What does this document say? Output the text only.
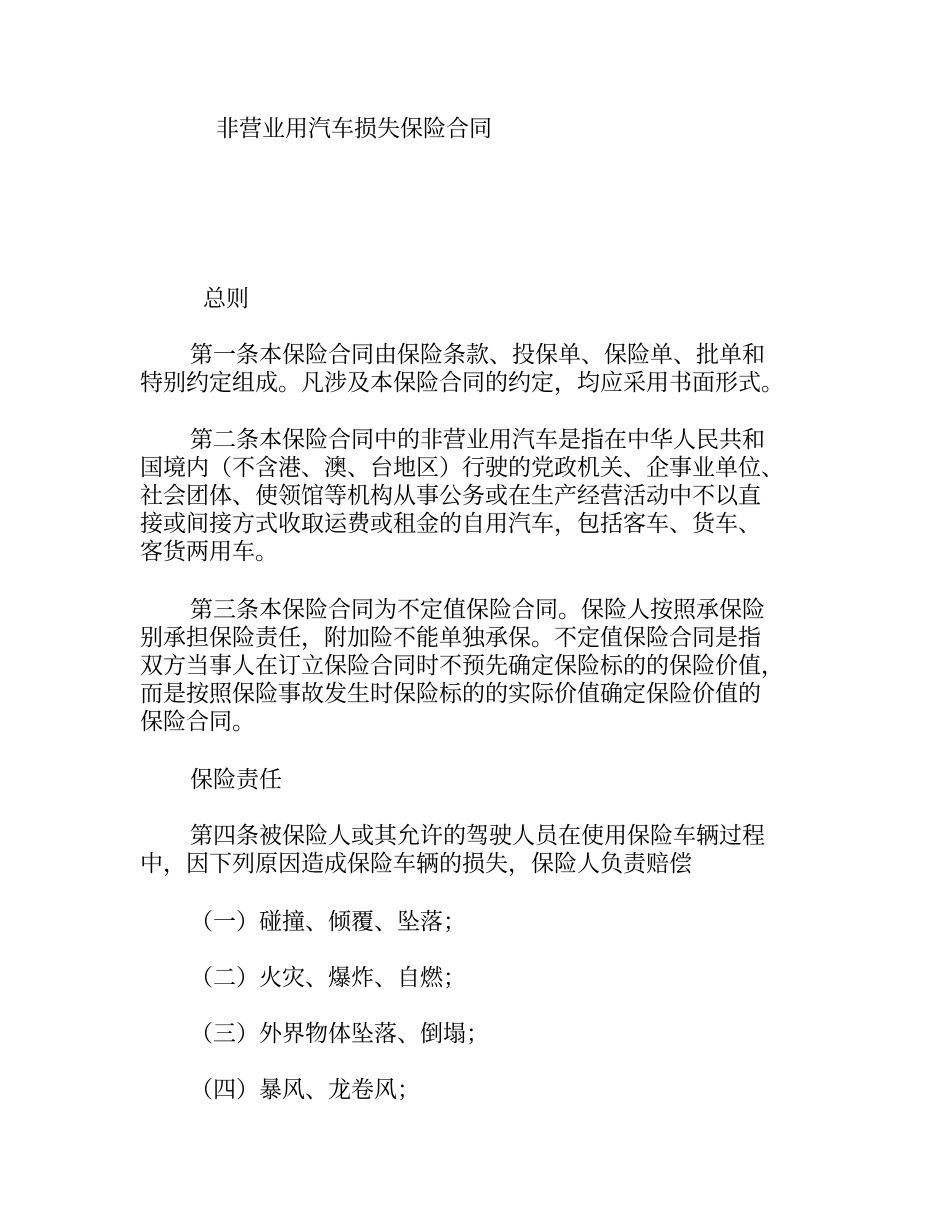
非营业用汽车损失保险合同
总则
第一条本保险合同由保险条款、投保单、保险单、批单和
特别约定组成。凡涉及本保险合同的约定，均应采用书面形式。
第二条本保险合同中的非营业用汽车是指在中华人民共和
国境内（不含港、澳、台地区）行驶的党政机关、企事业单位、
社会团体、使领馆等机构从事公务或在生产经营活动中不以直
接或间接方式收取运费或租金的自用汽车，包括客车、货车、
客货两用车。
第三条本保险合同为不定值保险合同。保险人按照承保险
别承担保险责任，附加险不能单独承保。不定值保险合同是指
双方当事人在订立保险合同时不预先确定保险标的的保险价值，
而是按照保险事故发生时保险标的的实际价值确定保险价值的
保险合同。
保险责任
第四条被保险人或其允许的驾驶人员在使用保险车辆过程
中，因下列原因造成保险车辆的损失，保险人负责赔偿
（一）碰撞、倾覆、坠落；
（二）火灾、爆炸、自燃；
（三）外界物体坠落、倒塌；
（四）暴风、龙卷风；
